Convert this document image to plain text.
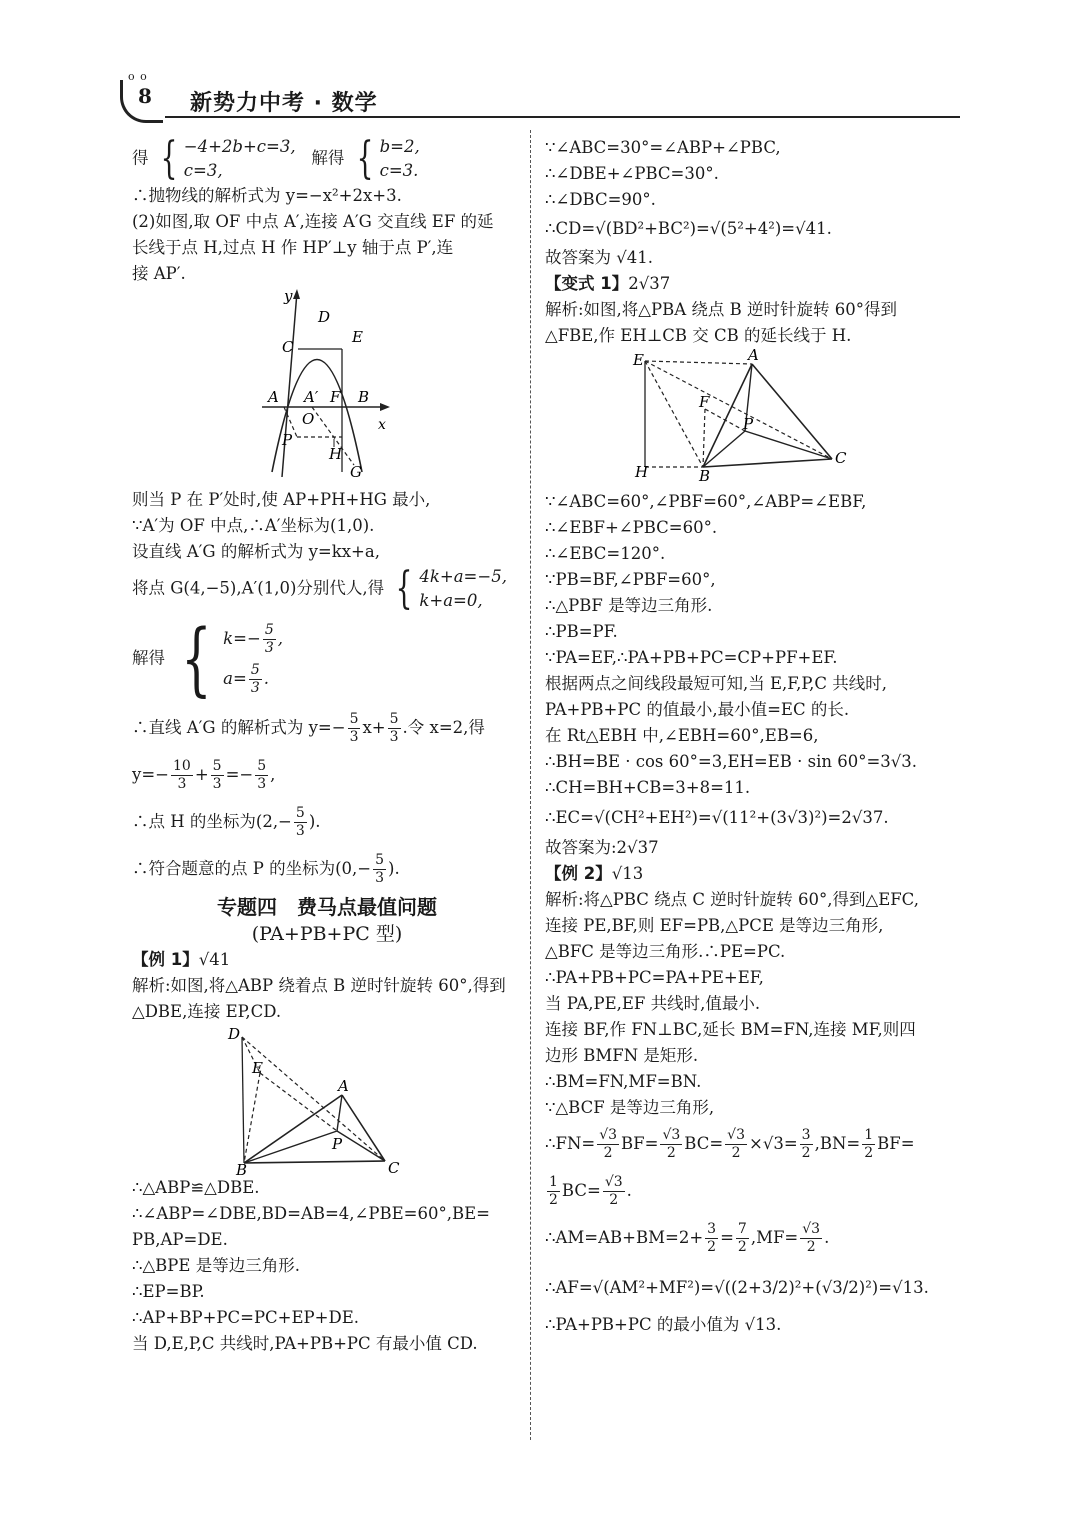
o o
8 新势力中考 · 数学
得 { −4+2b+c=3,
c=3,
解得 { b=2,
c=3.
∴抛物线的解析式为 y=−x²+2x+3.
(2)如图,取 OF 中点 A′,连接 A′G 交直线 EF 的延
长线于点 H,过点 H 作 HP′⊥y 轴于点 P′,连
接 AP′.
y
D
C
E
A A′ F B
O	x
P
H
G
则当 P 在 P′处时,使 AP+PH+HG 最小,
∵A′为 OF 中点,∴A′坐标为(1,0).
设直线 A′G 的解析式为 y=kx+a,
将点 G(4,−5),A′(1,0)分别代人,得 { 4k+a=−5,
k+a=0,
解得 { $k=- \frac{5}{3}$ ,
$a= \frac{5}{3}$ .
∴直线 A′G 的解析式为 $y=- \frac{5}{3} x+ \frac{5}{3}$ .令 x=2,得
$y=- \frac{10}{3} + \frac{5}{3} =- \frac{5}{3}$ ,
∴点 H 的坐标为($2,- \frac{5}{3}$ ).
∴符合题意的点 P 的坐标为($0,- \frac{5}{3}$ ).
专题四　费马点最值问题
(PA+PB+PC 型)
【例 1】√41
解析:如图,将△ABP 绕着点 B 逆时针旋转 60°,得到
△DBE,连接 EP,CD.
D
E
A
P
B	C
∴△ABP≌△DBE.
∴∠ABP=∠DBE,BD=AB=4,∠PBE=60°,BE=
PB,AP=DE.
∴△BPE 是等边三角形.
∴EP=BP.
∴AP+BP+PC=PC+EP+DE.
当 D,E,P,C 共线时,PA+PB+PC 有最小值 CD.
∵∠ABC=30°=∠ABP+∠PBC,
∴∠DBE+∠PBC=30°.
∴∠DBC=90°.
∴CD=√(BD²+BC²)=√(5²+4²)=√41.
故答案为 √41.
【变式 1】2√37
解析:如图,将△PBA 绕点 B 逆时针旋转 60°得到
△FBE,作 EH⊥CB 交 CB 的延长线于 H.
E	A
F
P
H	B
C
∵∠ABC=60°,∠PBF=60°,∠ABP=∠EBF,
∴∠EBF+∠PBC=60°.
∴∠EBC=120°.
∵PB=BF,∠PBF=60°,
∴△PBF 是等边三角形.
∴PB=PF.
∵PA=EF,∴PA+PB+PC=CP+PF+EF.
根据两点之间线段最短可知,当 E,F,P,C 共线时,
PA+PB+PC 的值最小,最小值=EC 的长.
在 Rt△EBH 中,∠EBH=60°,EB=6,
∴BH=BE · cos 60°=3,EH=EB · sin 60°=3√3.
∴CH=BH+CB=3+8=11.
∴EC=√(CH²+EH²)=√(11²+(3√3)²)=2√37.
故答案为:2√37
【例 2】√13
解析:将△PBC 绕点 C 逆时针旋转 60°,得到△EFC,
连接 PE,BF,则 EF=PB,△PCE 是等边三角形,
△BFC 是等边三角形.∴PE=PC.
∴PA+PB+PC=PA+PE+EF,
当 PA,PE,EF 共线时,值最小.
连接 BF,作 FN⊥BC,延长 BM=FN,连接 MF,则四
边形 BMFN 是矩形.
∴BM=FN,MF=BN.
∵△BCF 是等边三角形,
∴FN= $\frac{√3}{2} BF= \frac{√3}{2} BC= \frac{√3}{2} \times√3= \frac{3}{2} ,BN= \frac{1}{2} BF=$
$\frac{1}{2} BC= \frac{√3}{2}$ .
∴AM=AB+BM=2+ $\frac{3}{2} = \frac{7}{2} ,MF= \frac{√3}{2}$ .
∴AF=√(AM²+MF²)=√((2+3/2)²+(√3/2)²)=√13.
∴PA+PB+PC 的最小值为 √13.
